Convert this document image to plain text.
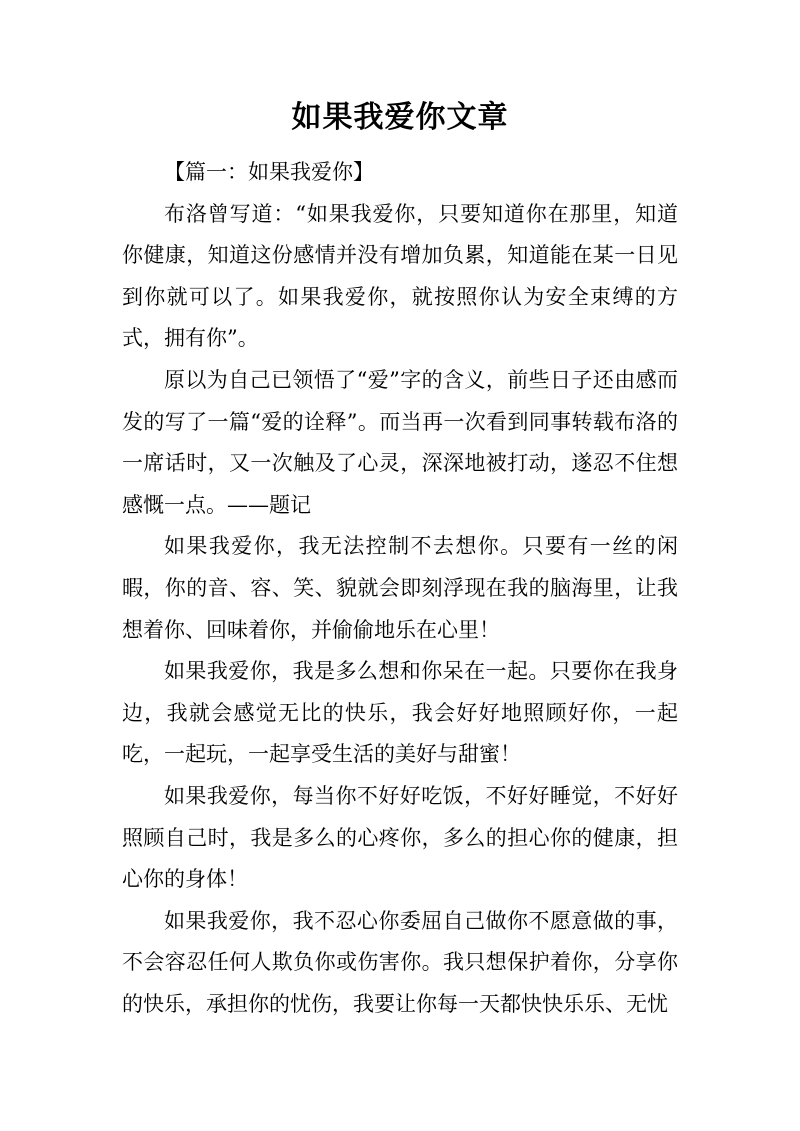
如果我爱你文章

【篇一：如果我爱你】

布洛曾写道：“如果我爱你，只要知道你在那里，知道你健康，知道这份感情并没有增加负累，知道能在某一日见到你就可以了。如果我爱你，就按照你认为安全束缚的方式，拥有你”。

原以为自己已领悟了“爱”字的含义，前些日子还由感而发的写了一篇“爱的诠释”。而当再一次看到同事转载布洛的一席话时，又一次触及了心灵，深深地被打动，遂忍不住想感慨一点。——题记

如果我爱你，我无法控制不去想你。只要有一丝的闲暇，你的音、容、笑、貌就会即刻浮现在我的脑海里，让我想着你、回味着你，并偷偷地乐在心里！

如果我爱你，我是多么想和你呆在一起。只要你在我身边，我就会感觉无比的快乐，我会好好地照顾好你，一起吃，一起玩，一起享受生活的美好与甜蜜！

如果我爱你，每当你不好好吃饭，不好好睡觉，不好好照顾自己时，我是多么的心疼你，多么的担心你的健康，担心你的身体！

如果我爱你，我不忍心你委屈自己做你不愿意做的事，不会容忍任何人欺负你或伤害你。我只想保护着你，分享你的快乐，承担你的忧伤，我要让你每一天都快快乐乐、无忧
